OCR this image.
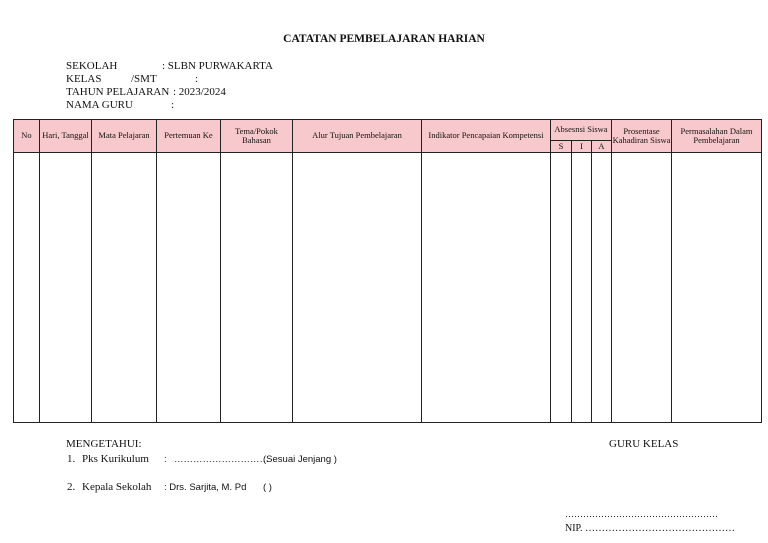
CATATAN PEMBELAJARAN HARIAN
SEKOLAH	: SLBN PURWAKARTA
KELAS	/SMT	:
TAHUN PELAJARAN : 2023/2024
NAMA GURU	:
No	Hari, Tanggal	Mata Pelajaran	Pertemuan Ke	Tema/Pokok Bahasan	Alur Tujuan Pembelajaran	Indikator Pencapaian Kompetensi	Absesnsi Siswa			Prosentase Kahadiran Siswa	Permasalahan Dalam Pembelajaran
							S	I	A		

MENGETAHUI:
1. Pks Kurikulum : …………………………
(Sesuai Jenjang )
2. Kepala Sekolah : Drs. Sarjita, M. Pd ( )
GURU KELAS
……………………………………………
NIP. ………………………………………
